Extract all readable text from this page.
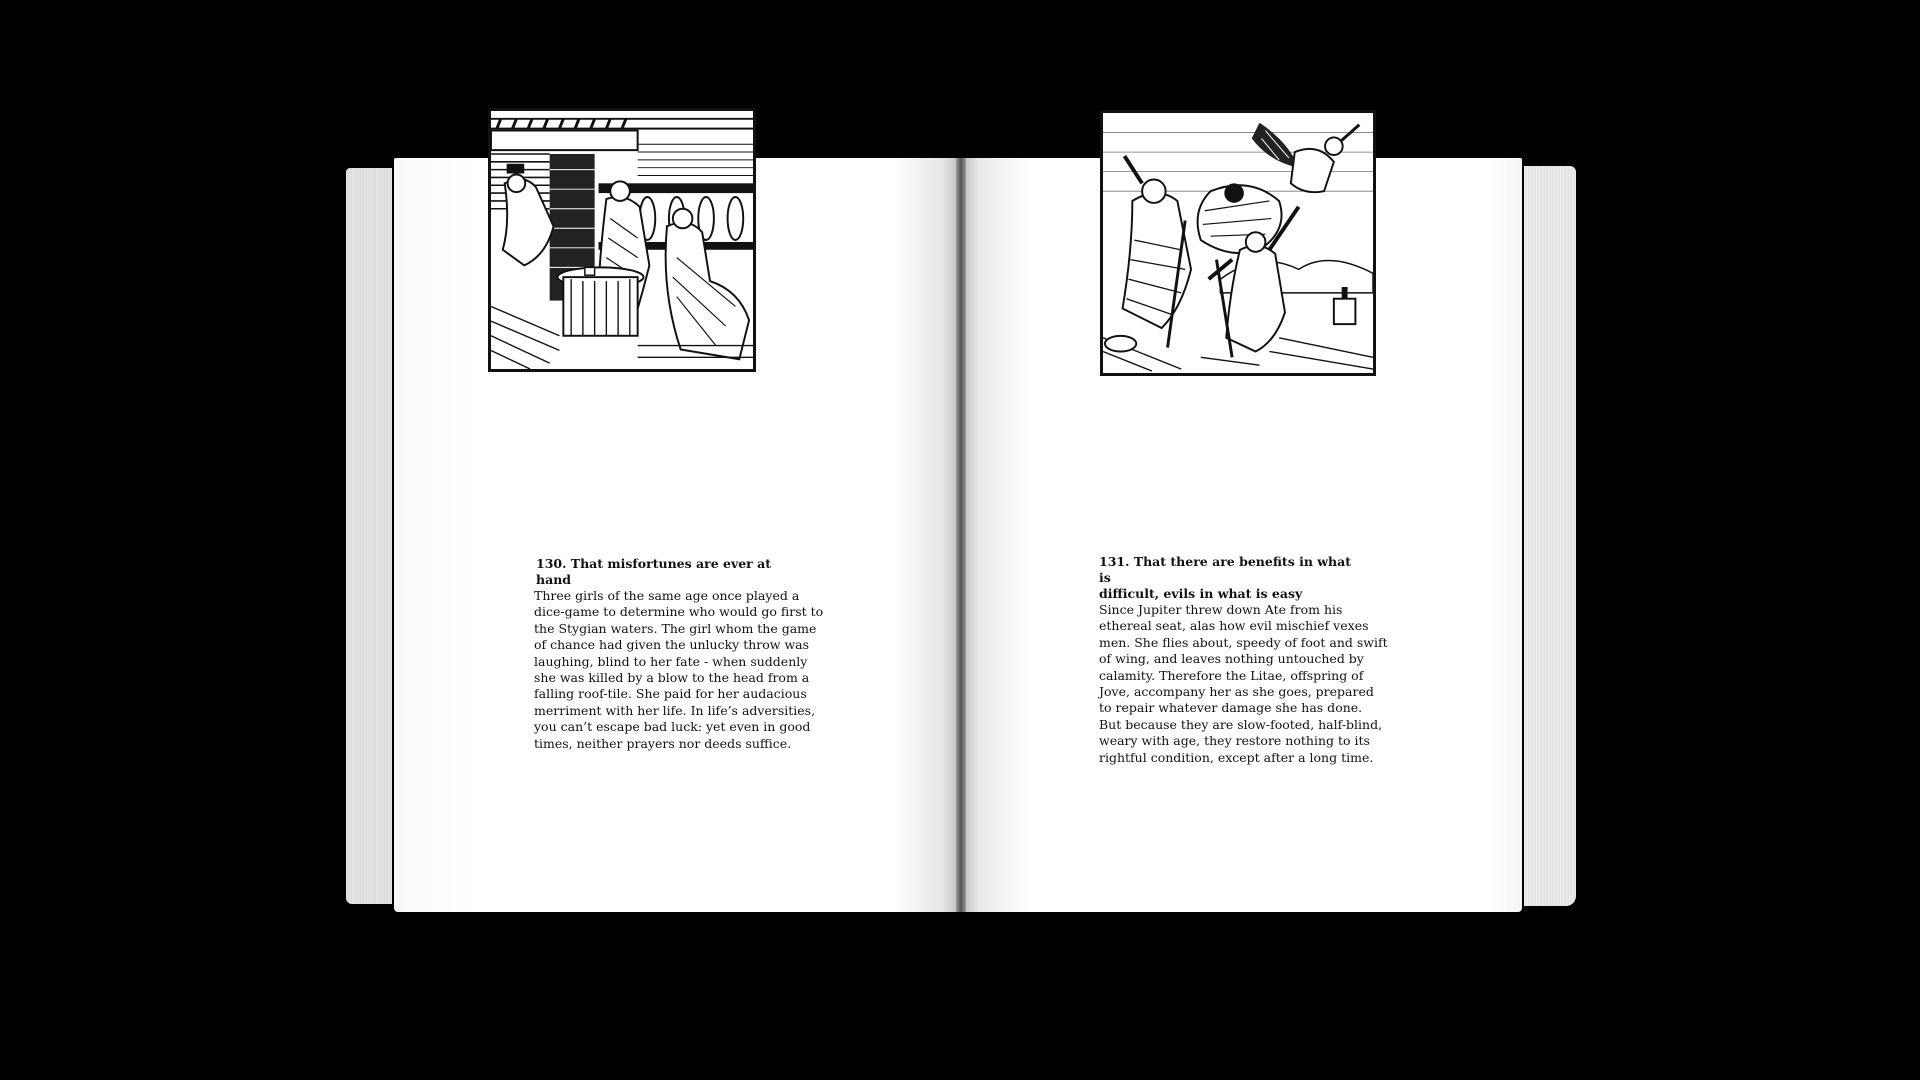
130. That misfortunes are ever at hand
Three girls of the same age once played a
dice-game to determine who would go first to
the Stygian waters. The girl whom the game
of chance had given the unlucky throw was
laughing, blind to her fate - when suddenly
she was killed by a blow to the head from a
falling roof-tile. She paid for her audacious
merriment with her life. In life’s adversities,
you can’t escape bad luck: yet even in good
times, neither prayers nor deeds suffice.
131. That there are benefits in what is
difficult, evils in what is easy
Since Jupiter threw down Ate from his
ethereal seat, alas how evil mischief vexes
men. She flies about, speedy of foot and swift
of wing, and leaves nothing untouched by
calamity. Therefore the Litae, offspring of
Jove, accompany her as she goes, prepared
to repair whatever damage she has done.
But because they are slow-footed, half-blind,
weary with age, they restore nothing to its
rightful condition, except after a long time.
